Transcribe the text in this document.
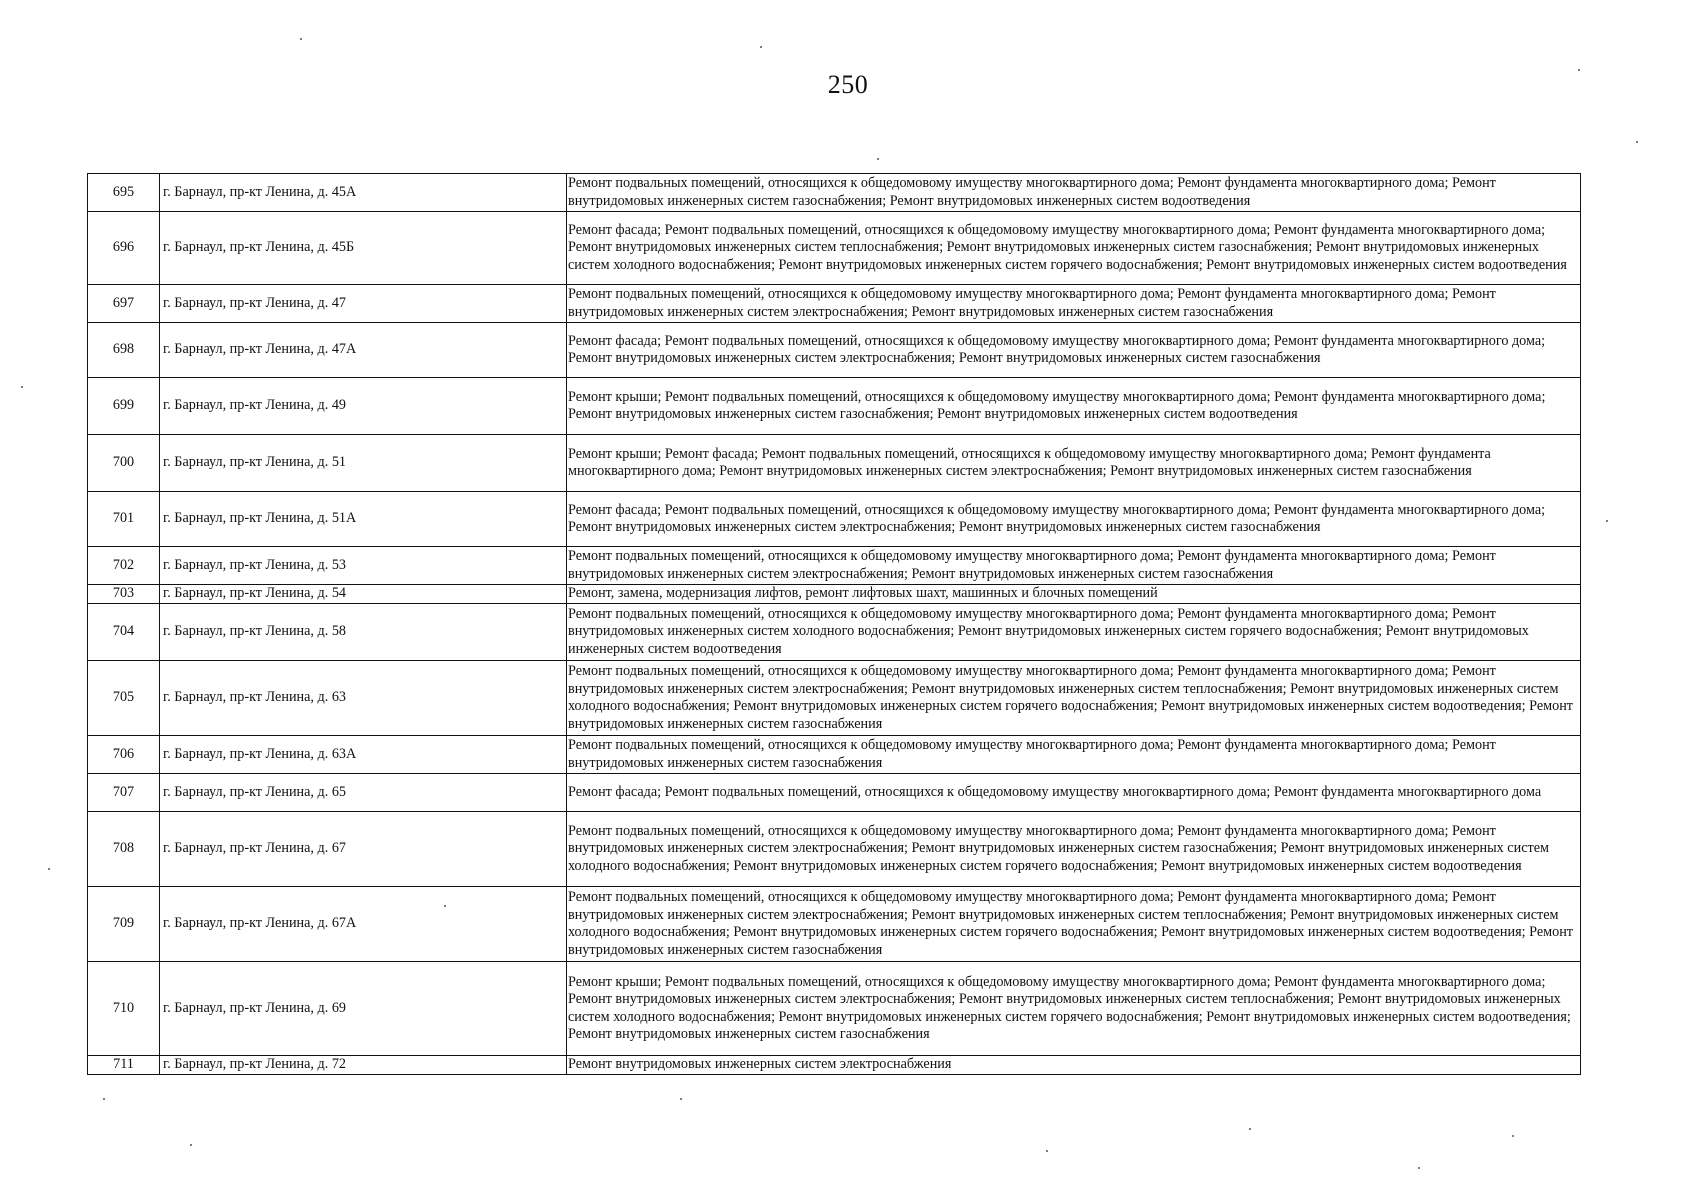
250
695	г. Барнаул, пр-кт Ленина, д. 45А	Ремонт подвальных помещений, относящихся к общедомовому имуществу многоквартирного дома; Ремонт фундамента многоквартирного дома; Ремонт внутридомовых инженерных систем газоснабжения; Ремонт внутридомовых инженерных систем водоотведения
696	г. Барнаул, пр-кт Ленина, д. 45Б	Ремонт фасада; Ремонт подвальных помещений, относящихся к общедомовому имуществу многоквартирного дома; Ремонт фундамента многоквартирного дома; Ремонт внутридомовых инженерных систем теплоснабжения; Ремонт внутридомовых инженерных систем газоснабжения; Ремонт внутридомовых инженерных систем холодного водоснабжения; Ремонт внутридомовых инженерных систем горячего водоснабжения; Ремонт внутридомовых инженерных систем водоотведения
697	г. Барнаул, пр-кт Ленина, д. 47	Ремонт подвальных помещений, относящихся к общедомовому имуществу многоквартирного дома; Ремонт фундамента многоквартирного дома; Ремонт внутридомовых инженерных систем электроснабжения; Ремонт внутридомовых инженерных систем газоснабжения
698	г. Барнаул, пр-кт Ленина, д. 47А	Ремонт фасада; Ремонт подвальных помещений, относящихся к общедомовому имуществу многоквартирного дома; Ремонт фундамента многоквартирного дома; Ремонт внутридомовых инженерных систем электроснабжения; Ремонт внутридомовых инженерных систем газоснабжения
699	г. Барнаул, пр-кт Ленина, д. 49	Ремонт крыши; Ремонт подвальных помещений, относящихся к общедомовому имуществу многоквартирного дома; Ремонт фундамента многоквартирного дома; Ремонт внутридомовых инженерных систем газоснабжения; Ремонт внутридомовых инженерных систем водоотведения
700	г. Барнаул, пр-кт Ленина, д. 51	Ремонт крыши; Ремонт фасада; Ремонт подвальных помещений, относящихся к общедомовому имуществу многоквартирного дома; Ремонт фундамента многоквартирного дома; Ремонт внутридомовых инженерных систем электроснабжения; Ремонт внутридомовых инженерных систем газоснабжения
701	г. Барнаул, пр-кт Ленина, д. 51А	Ремонт фасада; Ремонт подвальных помещений, относящихся к общедомовому имуществу многоквартирного дома; Ремонт фундамента многоквартирного дома; Ремонт внутридомовых инженерных систем электроснабжения; Ремонт внутридомовых инженерных систем газоснабжения
702	г. Барнаул, пр-кт Ленина, д. 53	Ремонт подвальных помещений, относящихся к общедомовому имуществу многоквартирного дома; Ремонт фундамента многоквартирного дома; Ремонт внутридомовых инженерных систем электроснабжения; Ремонт внутридомовых инженерных систем газоснабжения
703	г. Барнаул, пр-кт Ленина, д. 54	Ремонт, замена, модернизация лифтов, ремонт лифтовых шахт, машинных и блочных помещений
704	г. Барнаул, пр-кт Ленина, д. 58	Ремонт подвальных помещений, относящихся к общедомовому имуществу многоквартирного дома; Ремонт фундамента многоквартирного дома; Ремонт внутридомовых инженерных систем холодного водоснабжения; Ремонт внутридомовых инженерных систем горячего водоснабжения; Ремонт внутридомовых инженерных систем водоотведения
705	г. Барнаул, пр-кт Ленина, д. 63	Ремонт подвальных помещений, относящихся к общедомовому имуществу многоквартирного дома; Ремонт фундамента многоквартирного дома; Ремонт внутридомовых инженерных систем электроснабжения; Ремонт внутридомовых инженерных систем теплоснабжения; Ремонт внутридомовых инженерных систем холодного водоснабжения; Ремонт внутридомовых инженерных систем горячего водоснабжения; Ремонт внутридомовых инженерных систем водоотведения; Ремонт внутридомовых инженерных систем газоснабжения
706	г. Барнаул, пр-кт Ленина, д. 63А	Ремонт подвальных помещений, относящихся к общедомовому имуществу многоквартирного дома; Ремонт фундамента многоквартирного дома; Ремонт внутридомовых инженерных систем газоснабжения
707	г. Барнаул, пр-кт Ленина, д. 65	Ремонт фасада; Ремонт подвальных помещений, относящихся к общедомовому имуществу многоквартирного дома; Ремонт фундамента многоквартирного дома
708	г. Барнаул, пр-кт Ленина, д. 67	Ремонт подвальных помещений, относящихся к общедомовому имуществу многоквартирного дома; Ремонт фундамента многоквартирного дома; Ремонт внутридомовых инженерных систем электроснабжения; Ремонт внутридомовых инженерных систем газоснабжения; Ремонт внутридомовых инженерных систем холодного водоснабжения; Ремонт внутридомовых инженерных систем горячего водоснабжения; Ремонт внутридомовых инженерных систем водоотведения
709	г. Барнаул, пр-кт Ленина, д. 67А	Ремонт подвальных помещений, относящихся к общедомовому имуществу многоквартирного дома; Ремонт фундамента многоквартирного дома; Ремонт внутридомовых инженерных систем электроснабжения; Ремонт внутридомовых инженерных систем теплоснабжения; Ремонт внутридомовых инженерных систем холодного водоснабжения; Ремонт внутридомовых инженерных систем горячего водоснабжения; Ремонт внутридомовых инженерных систем водоотведения; Ремонт внутридомовых инженерных систем газоснабжения
710	г. Барнаул, пр-кт Ленина, д. 69	Ремонт крыши; Ремонт подвальных помещений, относящихся к общедомовому имуществу многоквартирного дома; Ремонт фундамента многоквартирного дома; Ремонт внутридомовых инженерных систем электроснабжения; Ремонт внутридомовых инженерных систем теплоснабжения; Ремонт внутридомовых инженерных систем холодного водоснабжения; Ремонт внутридомовых инженерных систем горячего водоснабжения; Ремонт внутридомовых инженерных систем водоотведения; Ремонт внутридомовых инженерных систем газоснабжения
711	г. Барнаул, пр-кт Ленина, д. 72	Ремонт внутридомовых инженерных систем электроснабжения
